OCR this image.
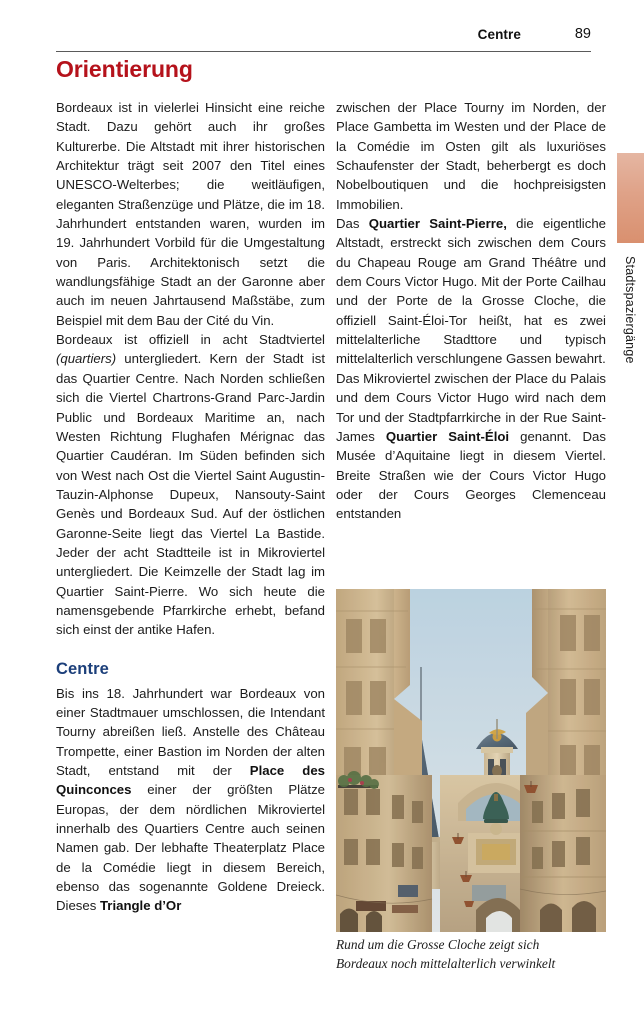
Centre	89
Stadtspaziergänge
Orientierung

Bordeaux ist in vielerlei Hinsicht eine reiche Stadt. Dazu gehört auch ihr großes Kulturerbe. Die Altstadt mit ihrer historischen Architektur trägt seit 2007 den Titel eines UNESCO-Welterbes; die weitläufigen, eleganten Straßenzüge und Plätze, die im 18. Jahrhundert entstanden waren, wurden im 19. Jahrhundert Vorbild für die Umgestaltung von Paris. Architektonisch setzt die wandlungsfähige Stadt an der Garonne aber auch im neuen Jahrtausend Maßstäbe, zum Beispiel mit dem Bau der Cité du Vin.

Bordeaux ist offiziell in acht Stadtviertel (quartiers) untergliedert. Kern der Stadt ist das Quartier Centre. Nach Norden schließen sich die Viertel Chartrons-Grand Parc-Jardin Public und Bordeaux Maritime an, nach Westen Richtung Flughafen Mérignac das Quartier Caudéran. Im Süden befinden sich von West nach Ost die Viertel Saint Augustin-Tauzin-Alphonse Dupeux, Nansouty-Saint Genès und Bordeaux Sud. Auf der östlichen Garonne-Seite liegt das Viertel La Bastide. Jeder der acht Stadtteile ist in Mikroviertel untergliedert. Die Keimzelle der Stadt lag im Quartier Saint-Pierre. Wo sich heute die namensgebende Pfarrkirche erhebt, befand sich einst der antike Hafen.

Centre

Bis ins 18. Jahrhundert war Bordeaux von einer Stadtmauer umschlossen, die Intendant Tourny abreißen ließ. Anstelle des Château Trompette, einer Bastion im Norden der alten Stadt, entstand mit der Place des Quinconces einer der größten Plätze Europas, der dem nördlichen Mikroviertel innerhalb des Quartiers Centre auch seinen Namen gab. Der lebhafte Theaterplatz Place de la Comédie liegt in diesem Bereich, ebenso das sogenannte Goldene Dreieck. Dieses Triangle d’Or

zwischen der Place Tourny im Norden, der Place Gambetta im Westen und der Place de la Comédie im Osten gilt als luxuriöses Schaufenster der Stadt, beherbergt es doch Nobelboutiquen und die hochpreisigsten Immobilien.

Das Quartier Saint-Pierre, die eigentliche Altstadt, erstreckt sich zwischen dem Cours du Chapeau Rouge am Grand Théâtre und dem Cours Victor Hugo. Mit der Porte Cailhau und der Porte de la Grosse Cloche, die offiziell Saint-Éloi-Tor heißt, hat es zwei mittelalterliche Stadttore und typisch mittelalterlich verschlungene Gassen bewahrt.

Das Mikroviertel zwischen der Place du Palais und dem Cours Victor Hugo wird nach dem Tor und der Stadtpfarrkirche in der Rue Saint-James Quartier Saint-Éloi genannt. Das Musée d’Aquitaine liegt in diesem Viertel. Breite Straßen wie der Cours Victor Hugo oder der Cours Georges Clemenceau entstanden

Rund um die Grosse Cloche zeigt sich
Bordeaux noch mittelalterlich verwinkelt
